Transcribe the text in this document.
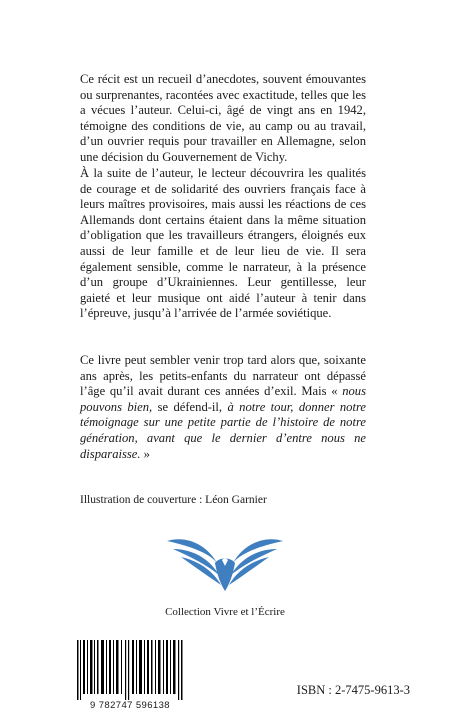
Ce récit est un recueil d’anecdotes, souvent émouvantes ou surprenantes, racontées avec exactitude, telles que les a vécues l’auteur. Celui-ci, âgé de vingt ans en 1942, témoigne des conditions de vie, au camp ou au travail, d’un ouvrier requis pour travailler en Allemagne, selon une décision du Gouvernement de Vichy.

À la suite de l’auteur, le lecteur découvrira les qualités de courage et de solidarité des ouvriers français face à leurs maîtres provisoires, mais aussi les réactions de ces Allemands dont certains étaient dans la même situation d’obligation que les travailleurs étrangers, éloignés eux aussi de leur famille et de leur lieu de vie. Il sera également sensible, comme le narrateur, à la présence d’un groupe d’Ukrainiennes. Leur gentillesse, leur gaieté et leur musique ont aidé l’auteur à tenir dans l’épreuve, jusqu’à l’arrivée de l’armée soviétique.

Ce livre peut sembler venir trop tard alors que, soixante ans après, les petits-enfants du narrateur ont dépassé l’âge qu’il avait durant ces années d’exil. Mais « nous pouvons bien, se défend-il, à notre tour, donner notre témoignage sur une petite partie de l’histoire de notre génération, avant que le dernier d’entre nous ne disparaisse. »

Illustration de couverture : Léon Garnier

Collection Vivre et l’Écrire

9 782747 596138

ISBN : 2-7475-9613-3
